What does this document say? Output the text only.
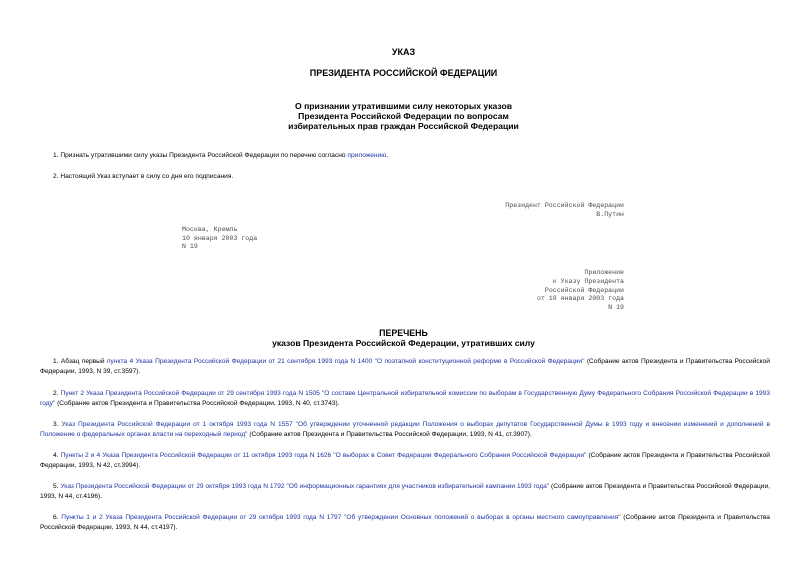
УКАЗ
ПРЕЗИДЕНТА РОССИЙСКОЙ ФЕДЕРАЦИИ
О признании утратившими силу некоторых указов
Президента Российской Федерации по вопросам
избирательных прав граждан Российской Федерации
1. Признать утратившими силу указы Президента Российской Федерации по перечню согласно приложению.
2. Настоящий Указ вступает в силу со дня его подписания.
Президент Российской Федерации
В.Путин
Москва, Кремль
10 января 2003 года
N 19
Приложение
к Указу Президента
Российской Федерации
от 10 января 2003 года
N 19
ПЕРЕЧЕНЬ
указов Президента Российской Федерации, утративших силу
1. Абзац первый пункта 4 Указа Президента Российской Федерации от 21 сентября 1993 года N 1400 "О поэтапной конституционной реформе в Российской Федерации" (Собрание актов Президента и Правительства Российской Федерации, 1993, N 39, ст.3597).
2. Пункт 2 Указа Президента Российской Федерации от 29 сентября 1993 года N 1505 "О составе Центральной избирательной комиссии по выборам в Государственную Думу Федерального Собрания Российской Федерации в 1993 году" (Собрание актов Президента и Правительства Российской Федерации, 1993, N 40, ст.3743).
3. Указ Президента Российской Федерации от 1 октября 1993 года N 1557 "Об утверждении уточненной редакции Положения о выборах депутатов Государственной Думы в 1993 году и внесении изменений и дополнений в Положение о федеральных органах власти на переходный период" (Собрание актов Президента и Правительства Российской Федерации, 1993, N 41, ст.3907).
4. Пункты 2 и 4 Указа Президента Российской Федерации от 11 октября 1993 года N 1626 "О выборах в Совет Федерации Федерального Собрания Российской Федерации" (Собрание актов Президента и Правительства Российской Федерации, 1993, N 42, ст.3994).
5. Указ Президента Российской Федерации от 29 октября 1993 года N 1792 "Об информационных гарантиях для участников избирательной кампании 1993 года" (Собрание актов Президента и Правительства Российской Федерации, 1993, N 44, ст.4196).
6. Пункты 1 и 2 Указа Президента Российской Федерации от 29 октября 1993 года N 1797 "Об утверждении Основных положений о выборах в органы местного самоуправления" (Собрание актов Президента и Правительства Российской Федерации, 1993, N 44, ст.4197).
